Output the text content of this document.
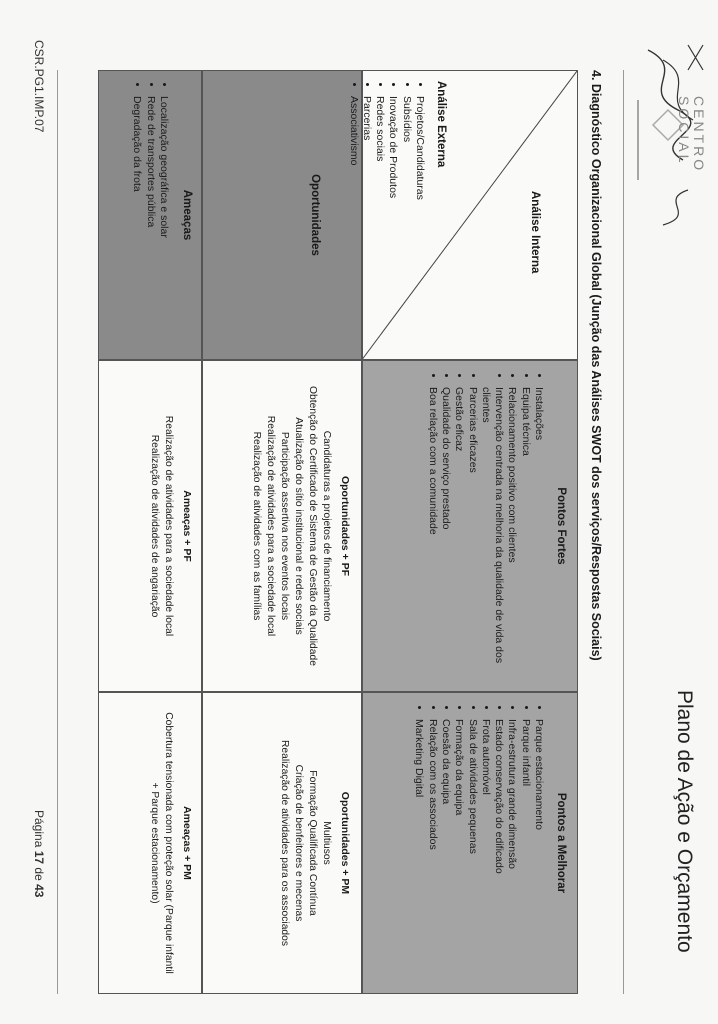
CENTRO
SOCIAL
Plano de Ação e Orçamento
4. Diagnóstico Organizacional Global (Junção das Análises SWOT dos serviços/Respostas Sociais)
Análise Interna
Análise Externa
Pontos Fortes
• Instalações
• Equipa técnica
• Relacionamento positivo com clientes
• Intervenção centrada na melhoria da qualidade de vida dos clientes
• Parcerias eficazes
• Gestão eficaz
• Qualidade do serviço prestado
• Boa relação com a comunidade
Pontos a Melhorar
• Parque estacionamento
• Parque infantil
• Infra-estrutura grande dimensão
• Estado conservação do edificado
• Frota automóvel
• Sala de atividades pequenas
• Formação da equipa
• Coesão da equipa
• Relação com os associados
• Marketing Digital
Oportunidades
Oportunidades + PF

Candidaturas a projetos de financiamento

Obtenção do Certificado de Sistema de Gestão da Qualidade

Atualização do sítio institucional e redes sociais

Participação assertiva nos eventos locais

Realização de atividades para a sociedade local

Realização de atividades com as famílias

Oportunidades + PM

Multiusos

Formação Qualificada Contínua

Criação de benfeitores e mecenas

Realização de atividades para os associados

Ameaças
Ameaças + PF

Realização de atividades para a sociedade local

Realização de atividades de angariação

Ameaças + PM

Cobertura tensionada com proteção solar (Parque infantil

+ Parque estacionamento)

• Projetos/Candidaturas
• Subsídios
• Inovação de Produtos
• Redes sociais
• Parcerias
• Associativismo
• Localização geográfica e solar
• Rede de transportes pública
• Degradação da frota
CSR.PG1.IMP.07
Página 17 de 43
